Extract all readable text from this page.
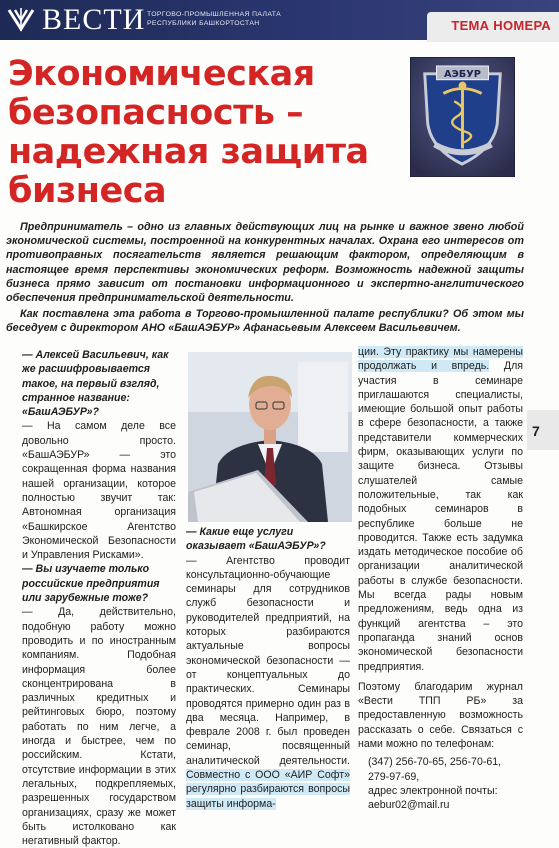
ВЕСТИ ТОРГОВО-ПРОМЫШЛЕННАЯ ПАЛАТА
РЕСПУБЛИКИ БАШКОРТОСТАН	ТЕМА НОМЕРА
Экономическая
безопасность –
надежная защита
бизнеса
АЭБУР

Предприниматель – одно из главных действующих лиц на рынке и важное звено любой экономической системы, построенной на конкурентных началах. Охрана его интересов от противоправных посягательств является решающим фактором, определяющим в настоящее время перспективы экономических реформ. Возможность надежной защиты бизнеса прямо зависит от постановки информационного и экспертно-англитического обеспечения предпринимательской деятельности.

Как поставлена эта работа в Торгово-промышленной палате республики? Об этом мы беседуем с директором АНО «БашАЭБУР» Афанасьевым Алексеем Васильевичем.

— Алексей Васильевич, как же расшифровывается такое, на первый взгляд, странное название: «БашАЭБУР»?

— На самом деле все довольно просто. «БашАЭБУР» — это сокращенная форма названия нашей организации, которое полностью звучит так: Автономная организация «Башкирское Агентство Экономической Безопасности и Управления Рисками».

— Вы изучаете только российские предприятия или зарубежные тоже?

— Да, действительно, подобную работу можно проводить и по иностранным компаниям. Подобная информация более сконцентрирована в различных кредитных и рейтинговых бюро, поэтому работать по ним легче, а иногда и быстрее, чем по российским. Кстати, отсутствие информации в этих легальных, подкрепляемых, разрешенных государством организациях, сразу же может быть истолковано как негативный фактор.

— Какие еще услуги оказывает «БашАЭБУР»?

— Агентство проводит консультационно-обучающие семинары для сотрудников служб безопасности и руководителей предприятий, на которых разбираются актуальные вопросы экономической безопасности — от концептуальных до практических. Семинары проводятся примерно один раз в два месяца. Например, в феврале 2008 г. был проведен семинар, посвященный аналитической деятельности. Совместно с ООО «АИР Софт» регулярно разбираются вопросы защиты информа-

ции. Эту практику мы намерены продолжать и впредь. Для участия в семинаре приглашаются специалисты, имеющие большой опыт работы в сфере безопасности, а также представители коммерческих фирм, оказывающих услуги по защите бизнеса. Отзывы слушателей самые положительные, так как подобных семинаров в республике больше не проводится. Также есть задумка издать методическое пособие об организации аналитической работы в службе безопасности. Мы всегда рады новым предложениям, ведь одна из функций агентства – это пропаганда знаний основ экономической безопасности предприятия.

Поэтому благодарим журнал «Вести ТПП РБ» за предоставленную возможность рассказать о себе. Связаться с нами можно по телефонам:

(347) 256-70-65, 256-70-61,

279-97-69,

адрес электронной почты:

aebur02@mail.ru

7
